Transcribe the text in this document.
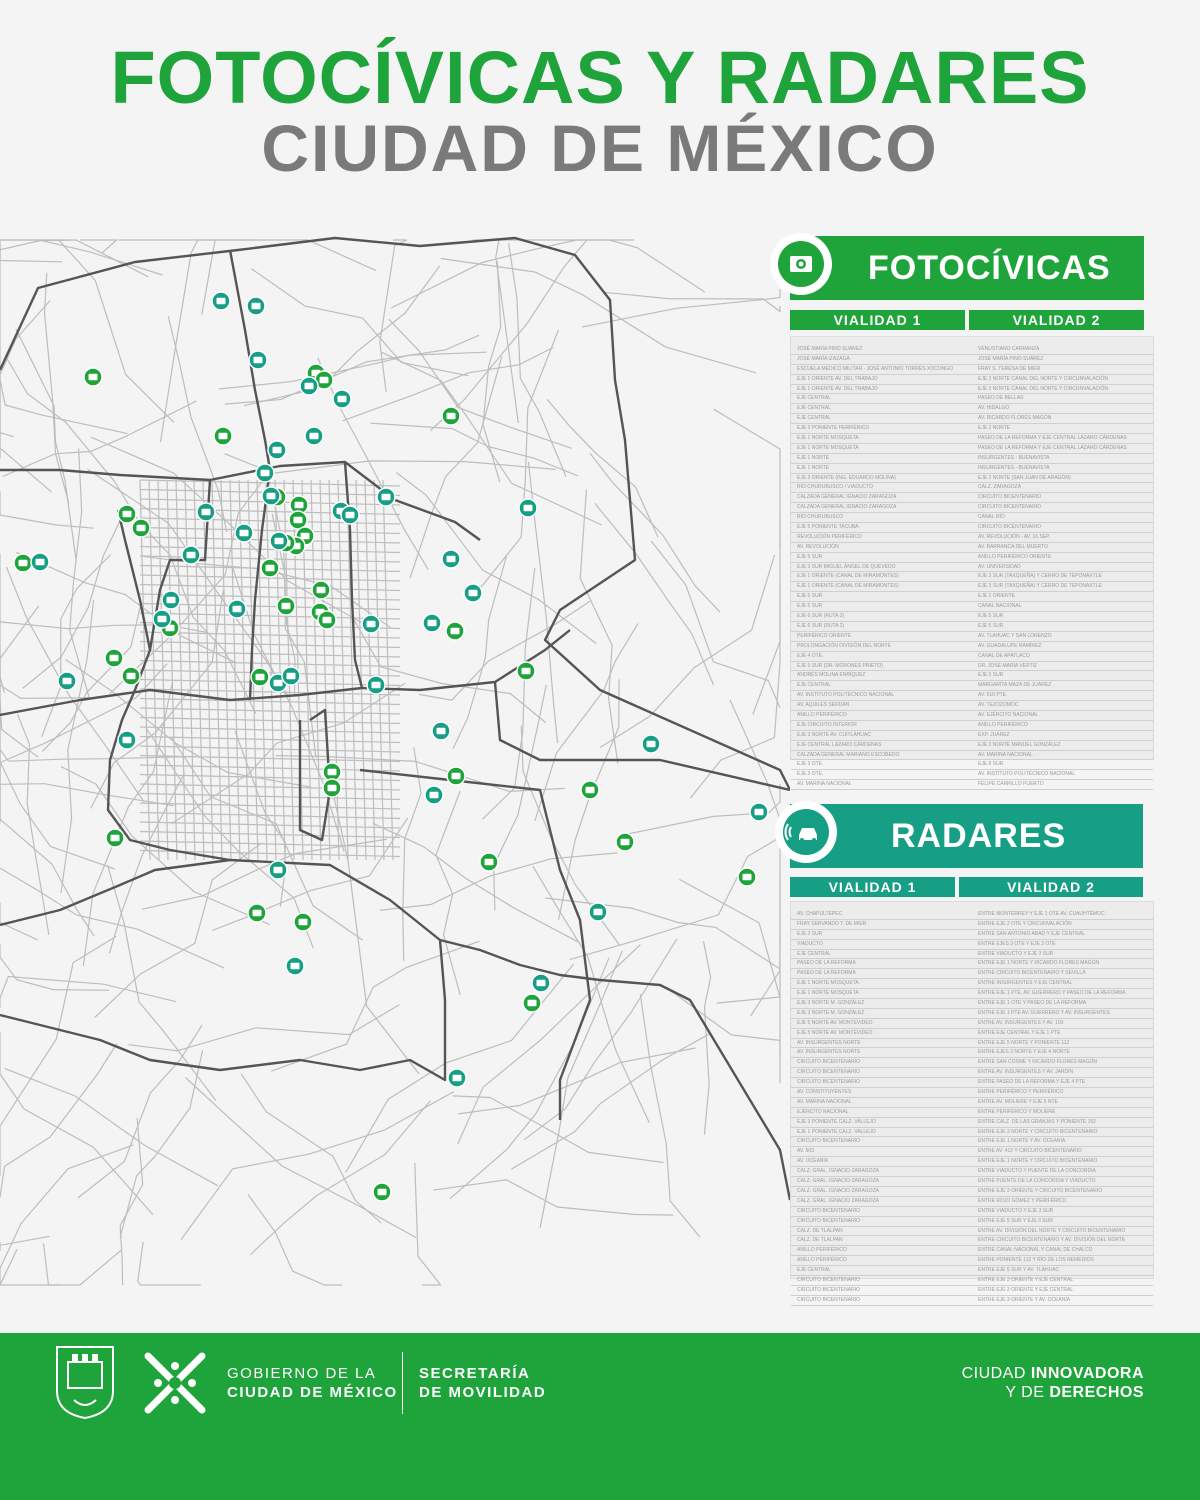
FOTOCÍVICAS Y RADARES
CIUDAD DE MÉXICO
FOTOCÍVICAS
VIALIDAD 1	VIALIDAD 2
JOSÉ MARÍA PINO SUÁREZ	VENUSTIANO CARRANZA
JOSÉ MARÍA IZAZAGA	JOSÉ MARÍA PINO SUÁREZ
ESCUELA MÉDICO MILITAR - JOSÉ ANTONIO TORRES XOCONGO	FRAY S. TERESA DE MIER
EJE 1 ORIENTE AV. DEL TRABAJO	EJE 2 NORTE CANAL DEL NORTE Y CIRCUNVALACIÓN
EJE 1 ORIENTE AV. DEL TRABAJO	EJE 2 NORTE CANAL DEL NORTE Y CIRCUNVALACIÓN
EJE CENTRAL	PASEO DE BELLAS
EJE CENTRAL	AV. HIDALGO
EJE CENTRAL	AV. RICARDO FLORES MAGÓN
EJE 3 PONIENTE PERIFÉRICO	EJE 2 NORTE
EJE 1 NORTE MOSQUETA	PASEO DE LA REFORMA Y EJE CENTRAL LÁZARO CÁRDENAS
EJE 1 NORTE MOSQUETA	PASEO DE LA REFORMA Y EJE CENTRAL LÁZARO CÁRDENAS
EJE 1 NORTE	INSURGENTES - BUENAVISTA
EJE 1 NORTE	INSURGENTES - BUENAVISTA
EJE 3 ORIENTE (ING. EDUARDO MOLINA)	EJE 2 NORTE (SAN JUAN DE ARAGÓN)
RÍO CHURUBUSCO / VIADUCTO	CALZ. ZARAGOZA
CALZADA GENERAL IGNACIO ZARAGOZA	CIRCUITO BICENTENARIO
CALZADA GENERAL IGNACIO ZARAGOZA	CIRCUITO BICENTENARIO
RÍO CHURUBUSCO	CANAL RÍO
EJE 5 PONIENTE TACUBA	CIRCUITO BICENTENARIO
REVOLUCIÓN PERIFÉRICO	AV. REVOLUCIÓN - AV. 16 SEP.
AV. REVOLUCIÓN	AV. BARRANCA DEL MUERTO
EJE 5 SUR	ANILLO PERIFÉRICO ORIENTE
EJE 3 SUR MIGUEL ÁNGEL DE QUEVEDO	AV. UNIVERSIDAD
EJE 1 ORIENTE (CANAL DE MIRAMONTES)	EJE 3 SUR (TAXQUEÑA) Y CERRO DE TEPONAXTLE
EJE 1 ORIENTE (CANAL DE MIRAMONTES)	EJE 3 SUR (TAXQUEÑA) Y CERRO DE TEPONAXTLE
EJE 5 SUR	EJE 1 ORIENTE
EJE 5 SUR	CANAL NACIONAL
EJE 6 SUR (RUTA 2)	EJE 5 SUR
EJE 6 SUR (RUTA 2)	EJE 5 SUR
PERIFÉRICO ORIENTE	AV. TLAHUAC Y SAN LORENZO
PROLONGACIÓN DIVISIÓN DEL NORTE	AV. GUADALUPE RAMÍREZ
EJE 4 OTE.	CANAL DE APATLACO
EJE 5 SUR (DR. MORONES PRIETO)	DR. JOSÉ MARÍA VERTIZ
ANDRÉS MOLINA ENRÍQUEZ	EJE 5 SUR
EJE CENTRAL	MARGARITA MAZA DE JUÁREZ
AV. INSTITUTO POLITÉCNICO NACIONAL	AV. 510 PTE.
AV. AQUILES SERDÁN	AV. TEZOZOMOC
ANILLO PERIFÉRICO	AV. EJÉRCITO NACIONAL
EJE CIRCUITO INTERIOR	ANILLO PERIFÉRICO
EJE 3 NORTE AV. CUITLÁHUAC	EXP. JUÁREZ
EJE CENTRAL LÁZARO CÁRDENAS	EJE 3 NORTE MANUEL GONZÁLEZ
CALZADA GENERAL MARIANO ESCOBEDO	AV. MARINA NACIONAL
EJE 3 OTE.	EJE 8 SUR
EJE 3 OTE.	AV. INSTITUTO POLITÉCNICO NACIONAL
AV. MARINA NACIONAL	FELIPE CARRILLO PUERTO
RADARES
VIALIDAD 1	VIALIDAD 2
AV. CHAPULTEPEC	ENTRE MONTERREY Y EJE 1 OTE AV. CUAUHTÉMOC
FRAY SERVANDO T. DE MIER	ENTRE EJE 2 OTE Y CIRCUNVALACIÓN
EJE 3 SUR	ENTRE SAN ANTONIO ABAD Y EJE CENTRAL
VIADUCTO	ENTRE EJES 3 OTE Y EJE 3 OTE
EJE CENTRAL	ENTRE VIADUCTO Y EJE 3 SUR
PASEO DE LA REFORMA	ENTRE EJE 1 NORTE Y RICARDO FLORES MAGÓN
PASEO DE LA REFORMA	ENTRE CIRCUITO BICENTENARIO Y SEVILLA
EJE 1 NORTE MOSQUETA	ENTRE INSURGENTES Y EJE CENTRAL
EJE 1 NORTE MOSQUETA	ENTRE EJE 1 PTE. AV. GUERRERO Y PASEO DE LA REFORMA
EJE 3 NORTE M. GONZÁLEZ	ENTRE EJE 1 OTE Y PASEO DE LA REFORMA
EJE 3 NORTE M. GONZÁLEZ	ENTRE EJE 1 PTE AV. GUERRERO Y AV. INSURGENTES
EJE 5 NORTE AV. MONTEVIDEO	ENTRE AV. INSURGENTES Y AV. 100
EJE 5 NORTE AV. MONTEVIDEO	ENTRE EJE CENTRAL Y EJE 1 PTE
AV. INSURGENTES NORTE	ENTRE EJE 5 NORTE Y PONIENTE 112
AV. INSURGENTES NORTE	ENTRE EJES 3 NORTE Y EJE 4 NORTE
CIRCUITO BICENTENARIO	ENTRE SAN COSME Y RICARDO FLORES MAGÓN
CIRCUITO BICENTENARIO	ENTRE AV. INSURGENTES Y AV. JARDÍN
CIRCUITO BICENTENARIO	ENTRE PASEO DE LA REFORMA Y EJE 4 PTE
AV. CONSTITUYENTES	ENTRE PERIFÉRICO Y PERIFÉRICO
AV. MARINA NACIONAL	ENTRE AV. MOLIERE Y EJE 5 NTE
EJÉRCITO NACIONAL	ENTRE PERIFÉRICO Y MOLIERE
EJE 3 PONIENTE CALZ. VALLEJO	ENTRE CALZ. DE LAS GRANJAS Y PONIENTE 152
EJE 1 PONIENTE CALZ. VALLEJO	ENTRE EJE 3 NORTE Y CIRCUITO BICENTENARIO
CIRCUITO BICENTENARIO	ENTRE EJE 1 NORTE Y AV. OCEANÍA
AV. 503	ENTRE AV. 412 Y CIRCUITO BICENTENARIO
AV. OCEANÍA	ENTRE EJE 1 NORTE Y CIRCUITO BICENTENARIO
CALZ. GRAL. IGNACIO ZARAGOZA	ENTRE VIADUCTO Y PUENTE DE LA CONCORDIA
CALZ. GRAL. IGNACIO ZARAGOZA	ENTRE PUENTE DE LA CONCORDIA Y VIADUCTO
CALZ. GRAL. IGNACIO ZARAGOZA	ENTRE EJE 3 ORIENTE Y CIRCUITO BICENTENARIO
CALZ. GRAL. IGNACIO ZARAGOZA	ENTRE ROJO GÓMEZ Y PERIFÉRICO
CIRCUITO BICENTENARIO	ENTRE VIADUCTO Y EJE 3 SUR
CIRCUITO BICENTENARIO	ENTRE EJE 5 SUR Y EJE 3 SUR
CALZ. DE TLALPAN	ENTRE AV. DIVISIÓN DEL NORTE Y CIRCUITO BICENTENARIO
CALZ. DE TLALPAN	ENTRE CIRCUITO BICENTENARIO Y AV. DIVISIÓN DEL NORTE
ANILLO PERIFÉRICO	ENTRE CANAL NACIONAL Y CANAL DE CHALCO
ANILLO PERIFÉRICO	ENTRE PONIENTE 112 Y RÍO DE LOS REMEDIOS
EJE CENTRAL	ENTRE EJE 5 SUR Y AV. TLÁHUAC
CIRCUITO BICENTENARIO	ENTRE EJE 3 ORIENTE Y EJE CENTRAL
CIRCUITO BICENTENARIO	ENTRE EJE 3 ORIENTE Y EJE CENTRAL
CIRCUITO BICENTENARIO	ENTRE EJE 3 ORIENTE Y AV. OCEANÍA
GOBIERNO DE LA
CIUDAD DE MÉXICO
SECRETARÍA
DE MOVILIDAD
CIUDAD INNOVADORA
Y DE DERECHOS
